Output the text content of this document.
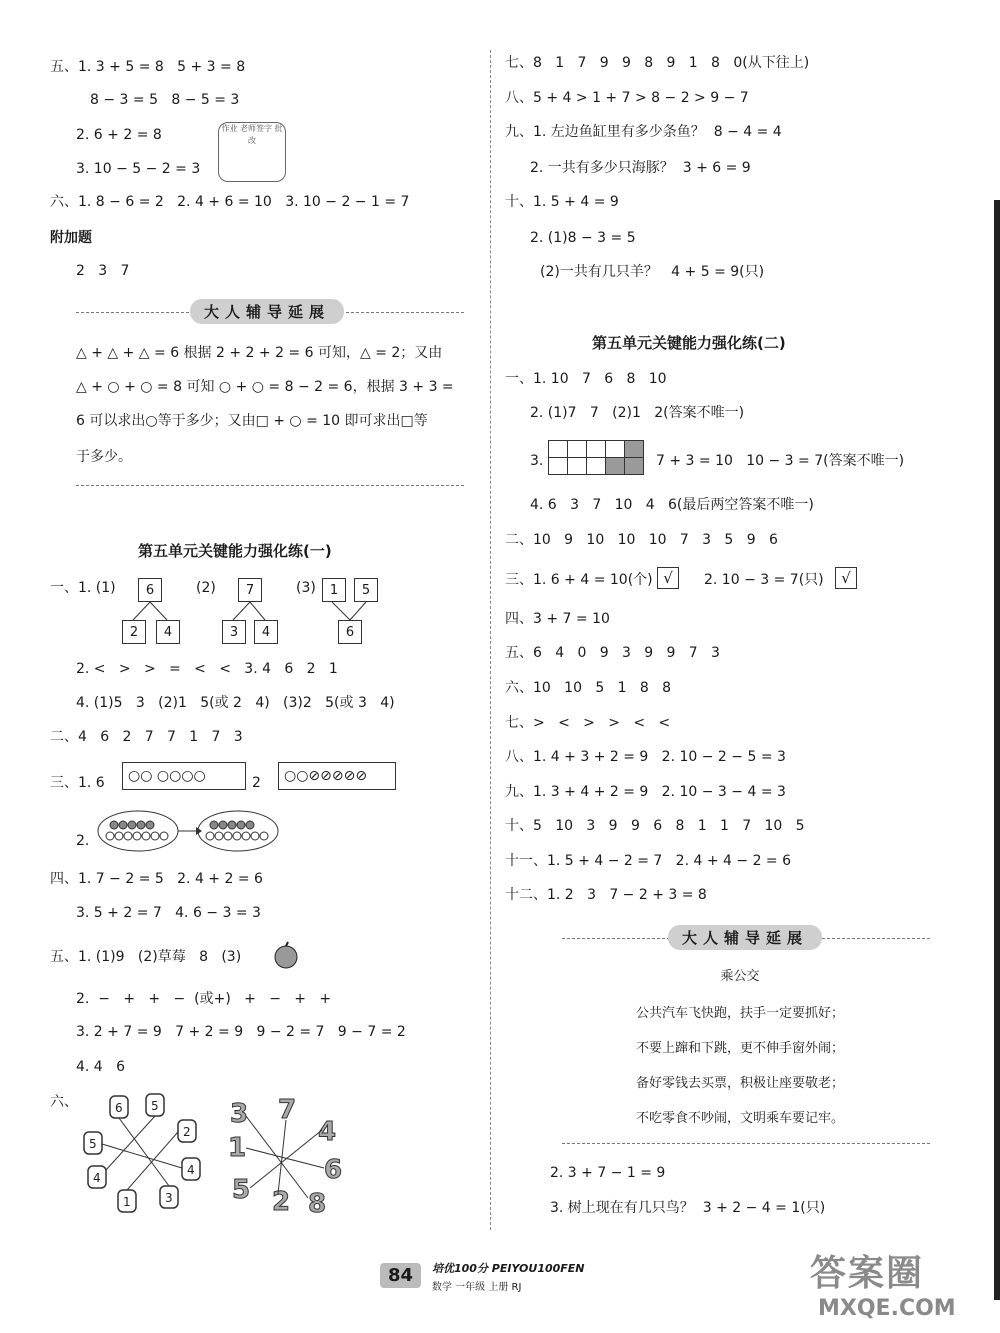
五、1. 3 + 5 = 8   5 + 3 = 8
8 − 3 = 5   8 − 5 = 3
2. 6 + 2 = 8
3. 10 − 5 − 2 = 3
作业 老师签字 批改
六、1. 8 − 6 = 2   2. 4 + 6 = 10   3. 10 − 2 − 1 = 7
附加题
2   3   7
大人辅导延展
△ + △ + △ = 6 根据 2 + 2 + 2 = 6 可知，△ = 2；又由
△ + ○ + ○ = 8 可知 ○ + ○ = 8 − 2 = 6，根据 3 + 3 =
6 可以求出○等于多少；又由□ + ○ = 10 即可求出□等
于多少。
第五单元关键能力强化练(一)
一、1. (1)	6
2	4
(2)	7
3	4
(3)	1	5
6
2. <   >   >   =   <   <   3. 4   6   2   1
4. (1)5   3   (2)1   5(或 2   4)   (3)2   5(或 3   4)
二、4   6   2   7   7   1   7   3
三、1. 6	○○ ○○○○	2	○○⊘⊘⊘⊘⊘
2.
四、1. 7 − 2 = 5   2. 4 + 2 = 6
3. 5 + 2 = 7   4. 6 − 3 = 3
五、1. (1)9   (2)草莓   8   (3)
2.  −   +   +   −  (或+)   +   −   +   +
3. 2 + 7 = 9   7 + 2 = 9   9 − 2 = 7   9 − 7 = 2
4. 4   6
六、	6 5
2
5
4
4
1	3
3 7
4
1
6
5 2 8
七、8   1   7   9   9   8   9   1   8   0(从下往上)
八、5 + 4 > 1 + 7 > 8 − 2 > 9 − 7
九、1. 左边鱼缸里有多少条鱼？  8 − 4 = 4
2. 一共有多少只海豚？  3 + 6 = 9
十、1. 5 + 4 = 9
2. (1)8 − 3 = 5
(2)一共有几只羊？   4 + 5 = 9(只)
第五单元关键能力强化练(二)
一、1. 10   7   6   8   10
2. (1)7   7   (2)1   2(答案不唯一)
3.

					7 + 3 = 10   10 − 3 = 7(答案不唯一)
4. 6   3   7   10   4   6(最后两空答案不唯一)
二、10   9   10   10   10   7   3   5   9   6
三、1. 6 + 4 = 10(个) √	2. 10 − 3 = 7(只)	√
四、3 + 7 = 10
五、6   4   0   9   3   9   9   7   3
六、10   10   5   1   8   8
七、>   <   >   >   <   <
八、1. 4 + 3 + 2 = 9   2. 10 − 2 − 5 = 3
九、1. 3 + 4 + 2 = 9   2. 10 − 3 − 4 = 3
十、5   10   3   9   9   6   8   1   1   7   10   5
十一、1. 5 + 4 − 2 = 7   2. 4 + 4 − 2 = 6
十二、1. 2   3   7 − 2 + 3 = 8
大人辅导延展
乘公交
公共汽车飞快跑，扶手一定要抓好；
不要上蹿和下跳，更不伸手窗外闹；
备好零钱去买票，积极让座要敬老；
不吃零食不吵闹，文明乘车要记牢。
2. 3 + 7 − 1 = 9
3. 树上现在有几只鸟？  3 + 2 − 4 = 1(只)
84	培优100分 PEIYOU100FEN
数学 一年级 上册 RJ	答案圈
MXQE.COM
